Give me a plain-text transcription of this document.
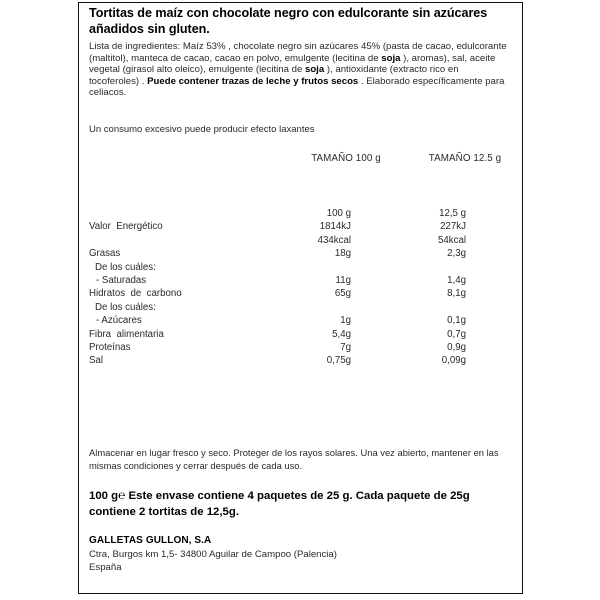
Tortitas de maíz con chocolate negro con edulcorante sin azúcares añadidos sin gluten.
Lista de ingredientes: Maíz 53% , chocolate negro sin azúcares 45% (pasta de cacao, edulcorante (maltitol), manteca de cacao, cacao en polvo, emulgente (lecitina de soja ), aromas), sal, aceite vegetal (girasol alto oleico), emulgente (lecitina de soja ), antioxidante (extracto rico en tocoferoles) . Puede contener trazas de leche y frutos secos . Elaborado específicamente para celiacos.
Un consumo excesivo puede producir efecto laxantes
TAMAÑO 100 g	TAMAÑO 12.5 g
100 g	12,5 g
Valor  Energético	1814kJ	227kJ
434kcal	54kcal
Grasas	18g	2,3g
De los cuáles:
- Saturadas	11g	1,4g
Hidratos  de  carbono	65g	8,1g
De los cuáles:
- Azúcares	1g	0,1g
Fibra  alimentaria	5,4g	0,7g
Proteínas	7g	0,9g
Sal	0,75g	0,09g
Almacenar en lugar fresco y seco. Proteger de los rayos solares. Una vez abierto, mantener en las mismas condiciones y cerrar después de cada uso.
100 g℮ Este envase contiene 4 paquetes de 25 g. Cada paquete de 25g contiene 2 tortitas de 12,5g.
GALLETAS GULLON, S.A
Ctra, Burgos km 1,5- 34800 Aguilar de Campoo (Palencia)
España
